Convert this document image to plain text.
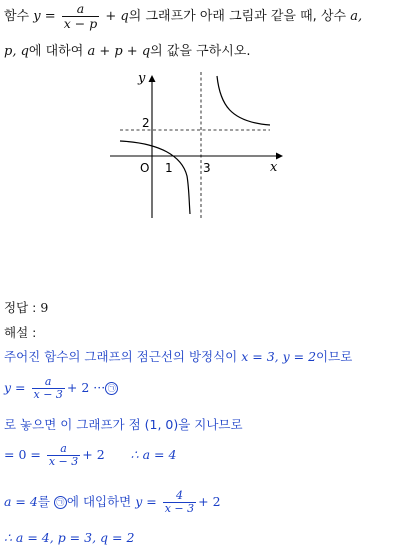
함수 $y = \frac{a}{x - p} + q$의 그래프가 아래 그림과 같을 때, 상수 a,
p, q에 대하여 a + p + q의 값을 구하시오.
y
x
O 1	3
2
정답 : 9
해설 :
주어진 함수의 그래프의 점근선의 방정식이 x = 3, y = 2이므로
$y = \frac{a}{x - 3} + 2$ ··· ㉠
로 놓으면 이 그래프가 점 (1, 0)을 지나므로
= $0 = \frac{a}{x - 3} + 2$ ∴ a = 4
a = 4를 ㉠ 에 대입하면 $y = \frac{4}{x - 3} + 2$
∴ a = 4, p = 3, q = 2
